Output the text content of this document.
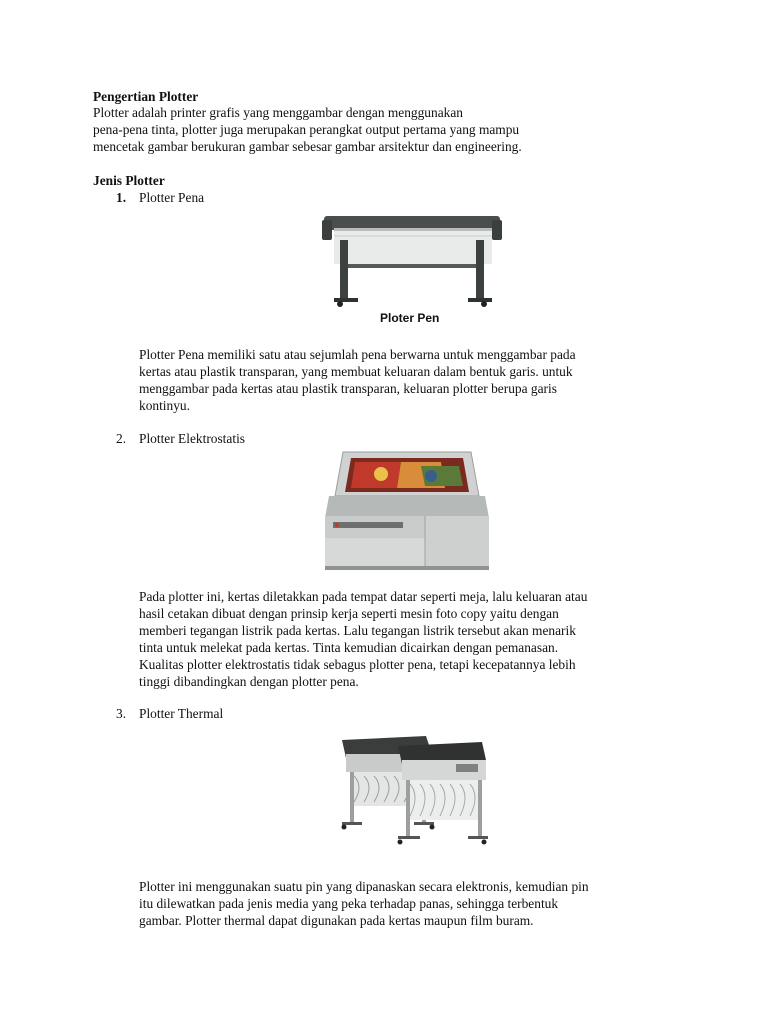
Pengertian Plotter
Plotter adalah printer grafis yang menggambar dengan menggunakan
pena-pena tinta, plotter juga merupakan perangkat output pertama yang mampu
mencetak gambar berukuran gambar sebesar gambar arsitektur dan engineering.
Jenis Plotter
1. Plotter Pena
Ploter Pen
Plotter Pena memiliki satu atau sejumlah pena berwarna untuk menggambar pada
kertas atau plastik transparan, yang membuat keluaran dalam bentuk garis. untuk
menggambar pada kertas atau plastik transparan, keluaran plotter berupa garis
kontinyu.
2. Plotter Elektrostatis
Pada plotter ini, kertas diletakkan pada tempat datar seperti meja, lalu keluaran atau
hasil cetakan dibuat dengan prinsip kerja seperti mesin foto copy yaitu dengan
memberi tegangan listrik pada kertas. Lalu tegangan listrik tersebut akan menarik
tinta untuk melekat pada kertas. Tinta kemudian dicairkan dengan pemanasan.
Kualitas plotter elektrostatis tidak sebagus plotter pena, tetapi kecepatannya lebih
tinggi dibandingkan dengan plotter pena.
3. Plotter Thermal
Plotter ini menggunakan suatu pin yang dipanaskan secara elektronis, kemudian pin
itu dilewatkan pada jenis media yang peka terhadap panas, sehingga terbentuk
gambar. Plotter thermal dapat digunakan pada kertas maupun film buram.
